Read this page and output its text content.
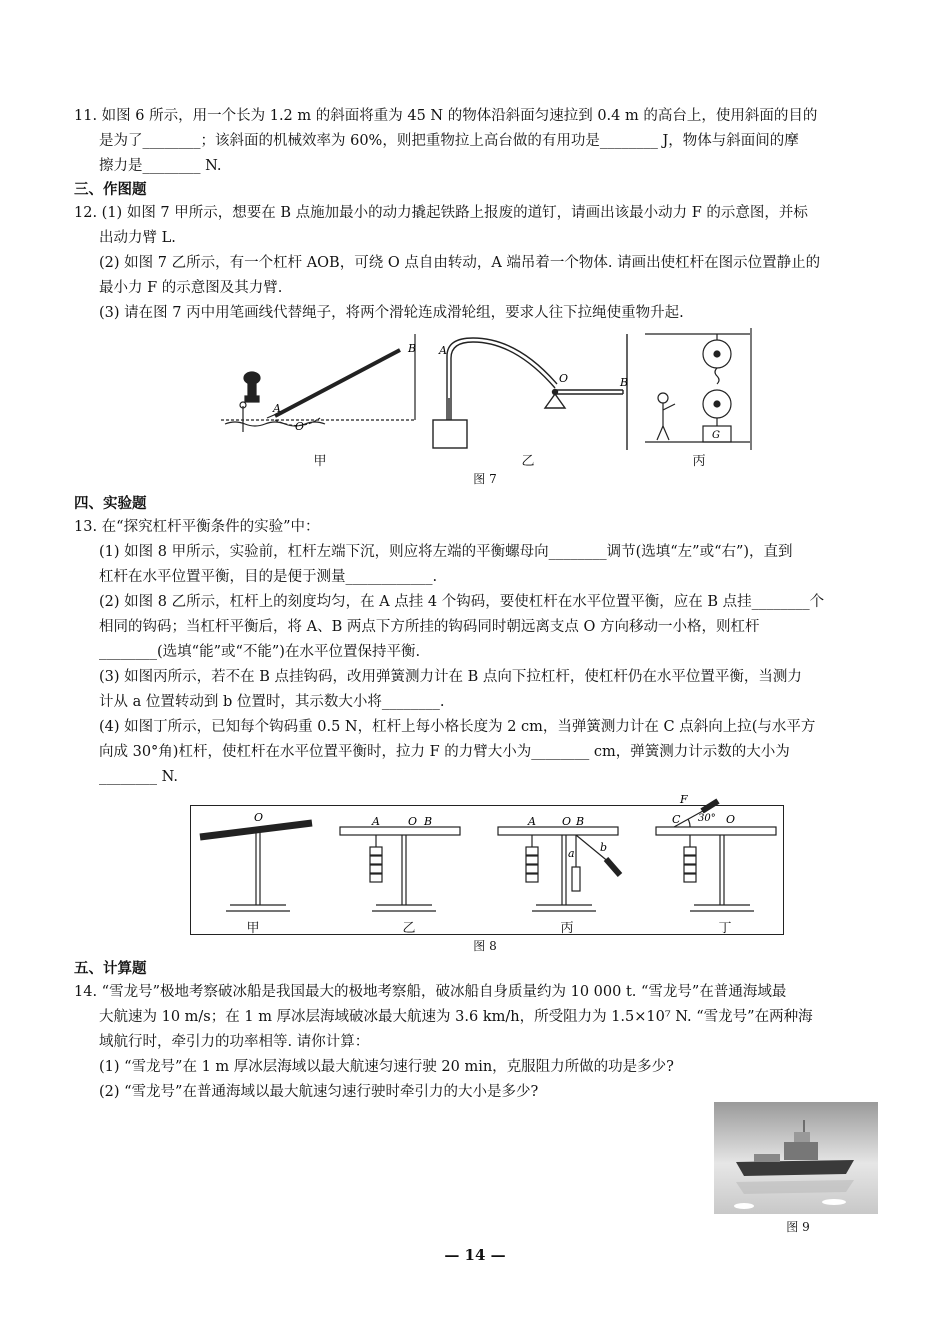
11. 如图 6 所示，用一个长为 1.2 m 的斜面将重为 45 N 的物体沿斜面匀速拉到 0.4 m 的高台上，使用斜面的目的

是为了________；该斜面的机械效率为 60%，则把重物拉上高台做的有用功是________ J，物体与斜面间的摩

擦力是________ N.

三、作图题

12. (1) 如图 7 甲所示，想要在 B 点施加最小的动力撬起铁路上报废的道钉，请画出该最小动力 F 的示意图，并标

出动力臂 L.

(2) 如图 7 乙所示，有一个杠杆 AOB，可绕 O 点自由转动，A 端吊着一个物体. 请画出使杠杆在图示位置静止的

最小力 F 的示意图及其力臂.

(3) 请在图 7 丙中用笔画线代替绳子，将两个滑轮连成滑轮组，要求人往下拉绳使重物升起.

B
A
O
A
O	B
G
甲	乙	丙
图 7
四、实验题

13. 在“探究杠杆平衡条件的实验”中：

(1) 如图 8 甲所示，实验前，杠杆左端下沉，则应将左端的平衡螺母向________调节(选填“左”或“右”)，直到

杠杆在水平位置平衡，目的是便于测量____________.

(2) 如图 8 乙所示，杠杆上的刻度均匀，在 A 点挂 4 个钩码，要使杠杆在水平位置平衡，应在 B 点挂________个

相同的钩码；当杠杆平衡后，将 A、B 两点下方所挂的钩码同时朝远离支点 O 方向移动一小格，则杠杆

________(选填“能”或“不能”)在水平位置保持平衡.

(3) 如图丙所示，若不在 B 点挂钩码，改用弹簧测力计在 B 点向下拉杠杆，使杠杆仍在水平位置平衡，当测力

计从 a 位置转动到 b 位置时，其示数大小将________.

(4) 如图丁所示，已知每个钩码重 0.5 N，杠杆上每小格长度为 2 cm，当弹簧测力计在 C 点斜向上拉(与水平方

向成 30°角)杠杆，使杠杆在水平位置平衡时，拉力 F 的力臂大小为________ cm，弹簧测力计示数的大小为

________ N.

O	A	O B	A O B
a b
C 30° O
F
甲	乙	丙	丁
图 8
五、计算题

14. “雪龙号”极地考察破冰船是我国最大的极地考察船，破冰船自身质量约为 10 000 t. “雪龙号”在普通海域最

大航速为 10 m/s；在 1 m 厚冰层海域破冰最大航速为 3.6 km/h，所受阻力为 1.5×10⁷ N. “雪龙号”在两种海

域航行时，牵引力的功率相等. 请你计算：

(1) “雪龙号”在 1 m 厚冰层海域以最大航速匀速行驶 20 min，克服阻力所做的功是多少?

(2) “雪龙号”在普通海域以最大航速匀速行驶时牵引力的大小是多少?

图 9
— 14 —
